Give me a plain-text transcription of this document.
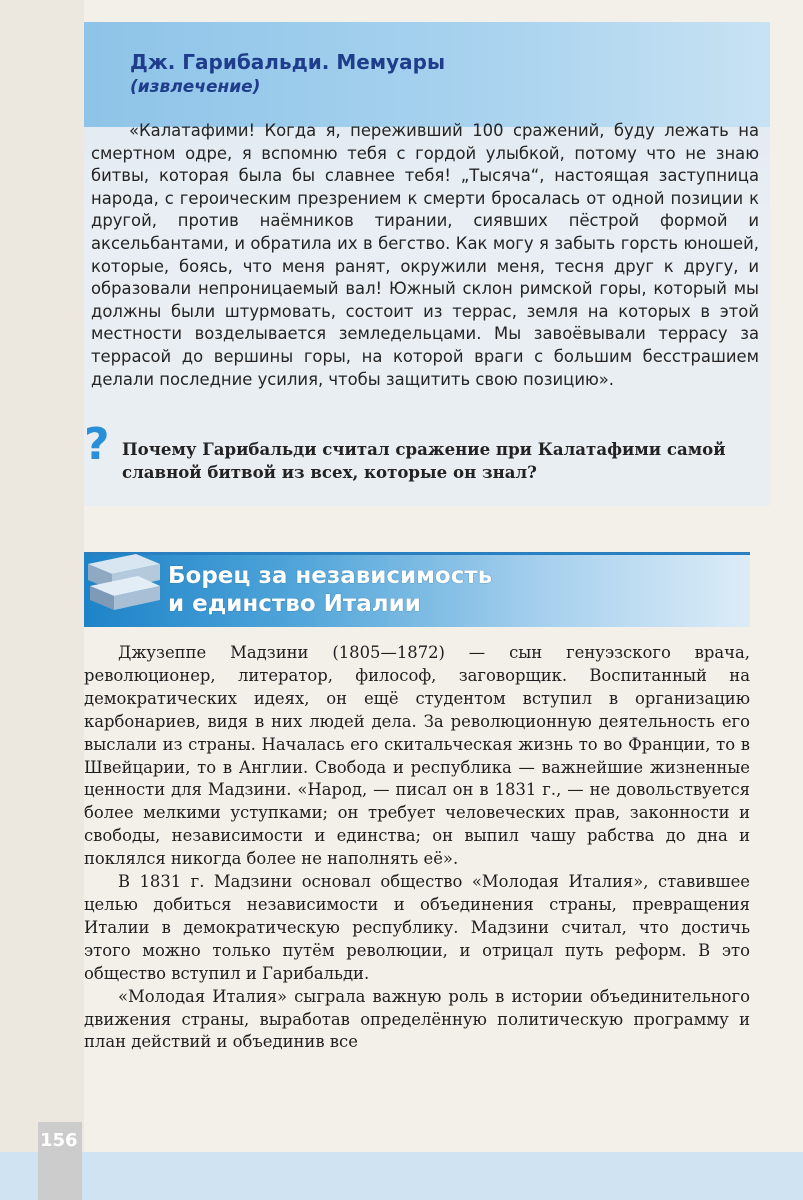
Дж. Гарибальди. Мемуары
(извлечение)

«Калатафими! Когда я, переживший 100 сражений, буду лежать на смертном одре, я вспомню тебя с гордой улыбкой, потому что не знаю битвы, которая была бы славнее тебя! „Тысяча“, настоящая заступница народа, с героическим презрением к смерти бросалась от одной позиции к другой, против наёмников тирании, сиявших пёстрой формой и аксельбантами, и обратила их в бегство. Как могу я забыть горсть юношей, которые, боясь, что меня ранят, окружили меня, тесня друг к другу, и образовали непроницаемый вал! Южный склон римской горы, который мы должны были штурмовать, состоит из террас, земля на которых в этой местности возделывается земледельцами. Мы завоёвывали террасу за террасой до вершины горы, на которой враги с большим бесстрашием делали последние усилия, чтобы защитить свою позицию».

? Почему Гарибальди считал сражение при Калатафими самой славной битвой из всех, которые он знал?

Борец за независимость
и единство Италии

Джузеппе Мадзини (1805—1872) — сын генуэзского врача, революционер, литератор, философ, заговорщик. Воспитанный на демократических идеях, он ещё студентом вступил в организацию карбонариев, видя в них людей дела. За революционную деятельность его выслали из страны. Началась его скитальческая жизнь то во Франции, то в Швейцарии, то в Англии. Свобода и республика — важнейшие жизненные ценности для Мадзини. «Народ, — писал он в 1831 г., — не довольствуется более мелкими уступками; он требует человеческих прав, законности и свободы, независимости и единства; он выпил чашу рабства до дна и поклялся никогда более не наполнять её».

В 1831 г. Мадзини основал общество «Молодая Италия», ставившее целью добиться независимости и объединения страны, превращения Италии в демократическую республику. Мадзини считал, что достичь этого можно только путём революции, и отрицал путь реформ. В это общество вступил и Гарибальди.

«Молодая Италия» сыграла важную роль в истории объединительного движения страны, выработав определённую политическую программу и план действий и объединив все

156
